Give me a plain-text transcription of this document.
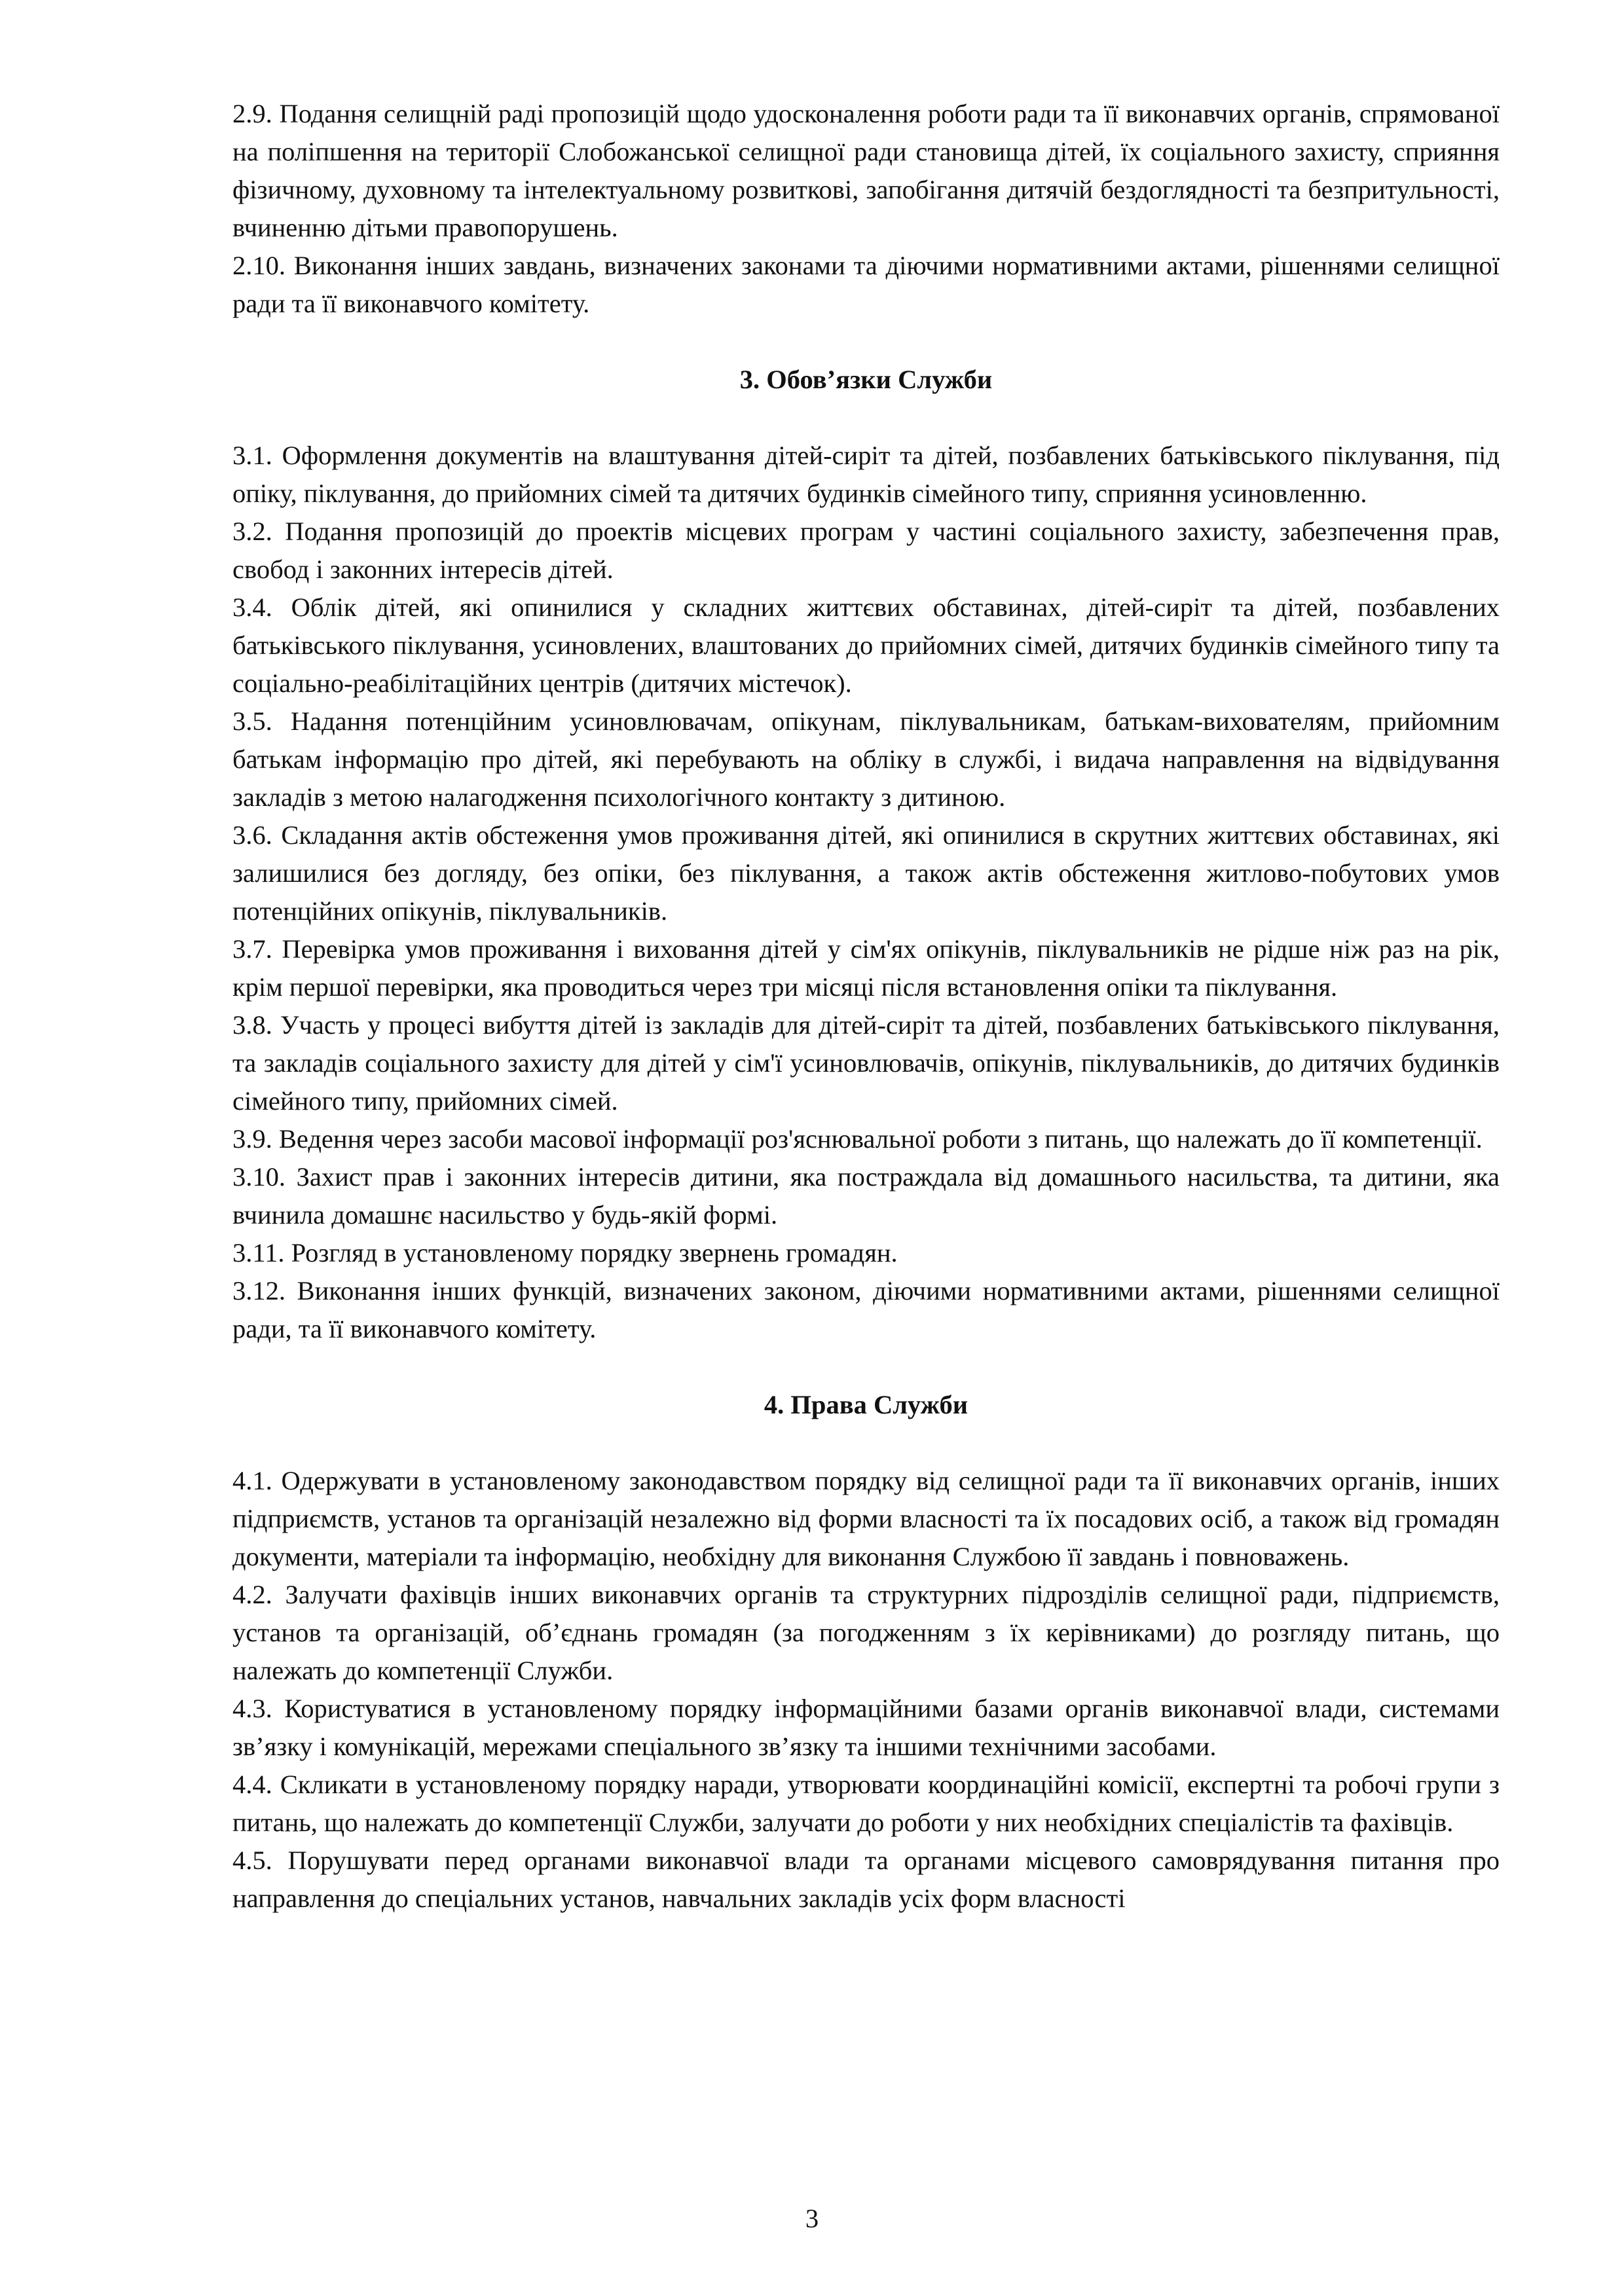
2.9. Подання селищній раді пропозицій щодо удосконалення роботи ради та її виконавчих органів, спрямованої на поліпшення на території Слобожанської селищної ради становища дітей, їх соціального захисту, сприяння фізичному, духовному та інтелектуальному розвиткові, запобігання дитячій бездоглядності та безпритульності, вчиненню дітьми правопорушень.

2.10. Виконання інших завдань, визначених законами та діючими нормативними актами, рішеннями селищної ради та її виконавчого комітету.

3. Обов’язки Служби

3.1. Оформлення документів на влаштування дітей-сиріт та дітей, позбавлених батьківського піклування, під опіку, піклування, до прийомних сімей та дитячих будинків сімейного типу, сприяння усиновленню.

3.2. Подання пропозицій до проектів місцевих програм у частині соціального захисту, забезпечення прав, свобод і законних інтересів дітей.

3.4. Облік дітей, які опинилися у складних життєвих обставинах, дітей-сиріт та дітей, позбавлених батьківського піклування, усиновлених, влаштованих до прийомних сімей, дитячих будинків сімейного типу та соціально-реабілітаційних центрів (дитячих містечок).

3.5. Надання потенційним усиновлювачам, опікунам, піклувальникам, батькам-вихователям, прийомним батькам інформацію про дітей, які перебувають на обліку в службі, і видача направлення на відвідування закладів з метою налагодження психологічного контакту з дитиною.

3.6. Складання актів обстеження умов проживання дітей, які опинилися в скрутних життєвих обставинах, які залишилися без догляду, без опіки, без піклування, а також актів обстеження житлово-побутових умов потенційних опікунів, піклувальників.

3.7. Перевірка умов проживання і виховання дітей у сім'ях опікунів, піклувальників не рідше ніж раз на рік, крім першої перевірки, яка проводиться через три місяці після встановлення опіки та піклування.

3.8. Участь у процесі вибуття дітей із закладів для дітей-сиріт та дітей, позбавлених батьківського піклування, та закладів соціального захисту для дітей у сім'ї усиновлювачів, опікунів, піклувальників, до дитячих будинків сімейного типу, прийомних сімей.

3.9. Ведення через засоби масової інформації роз'яснювальної роботи з питань, що належать до її компетенції.

3.10. Захист прав і законних інтересів дитини, яка постраждала від домашнього насильства, та дитини, яка вчинила домашнє насильство у будь-якій формі.

3.11. Розгляд в установленому порядку звернень громадян.

3.12. Виконання інших функцій, визначених законом, діючими нормативними актами, рішеннями селищної ради, та її виконавчого комітету.

4. Права Служби

4.1. Одержувати в установленому законодавством порядку від селищної ради та її виконавчих органів, інших підприємств, установ та організацій незалежно від форми власності та їх посадових осіб, а також від громадян документи, матеріали та інформацію, необхідну для виконання Службою її завдань і повноважень.

4.2. Залучати фахівців інших виконавчих органів та структурних підрозділів селищної ради, підприємств, установ та організацій, об’єднань громадян (за погодженням з їх керівниками) до розгляду питань, що належать до компетенції Служби.

4.3. Користуватися в установленому порядку інформаційними базами органів виконавчої влади, системами зв’язку і комунікацій, мережами спеціального зв’язку та іншими технічними засобами.

4.4. Скликати в установленому порядку наради, утворювати координаційні комісії, експертні та робочі групи з питань, що належать до компетенції Служби, залучати до роботи у них необхідних спеціалістів та фахівців.

4.5. Порушувати перед органами виконавчої влади та органами місцевого самоврядування питання про направлення до спеціальних установ, навчальних закладів усіх форм власності

3
